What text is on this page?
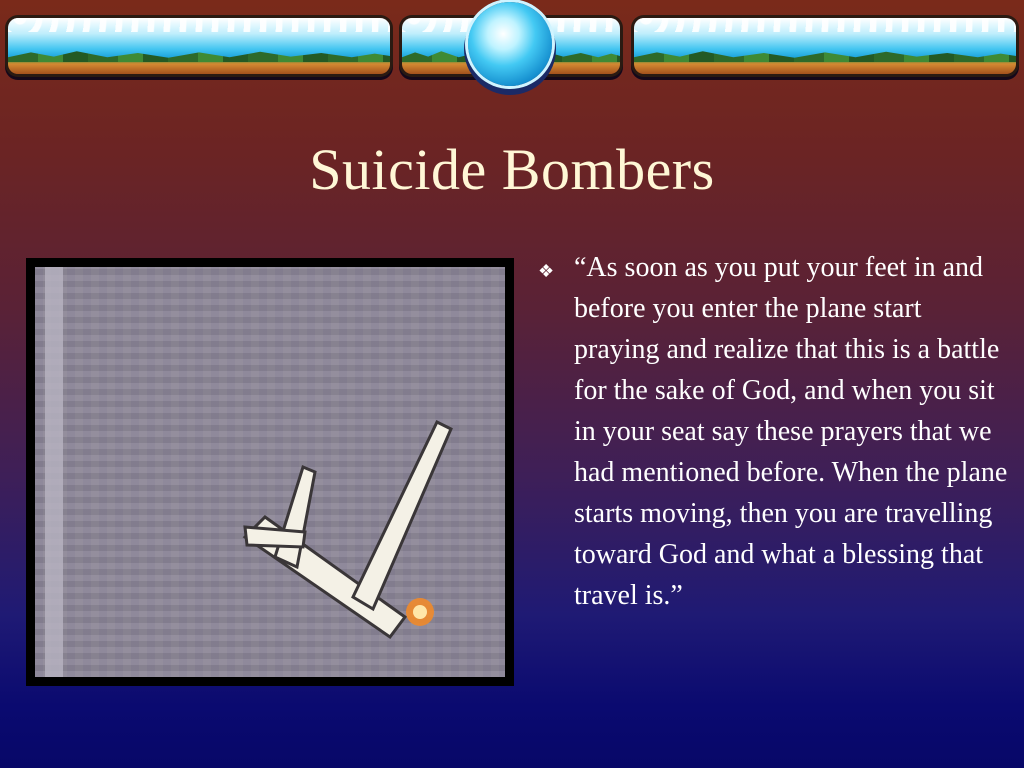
Suicide Bombers
❖ “As soon as you put your feet in and before you enter the plane start praying and realize that this is a battle for the sake of God, and when you sit in your seat say these prayers that we had mentioned before. When the plane starts moving, then you are travelling toward God and what a blessing that travel is.”
